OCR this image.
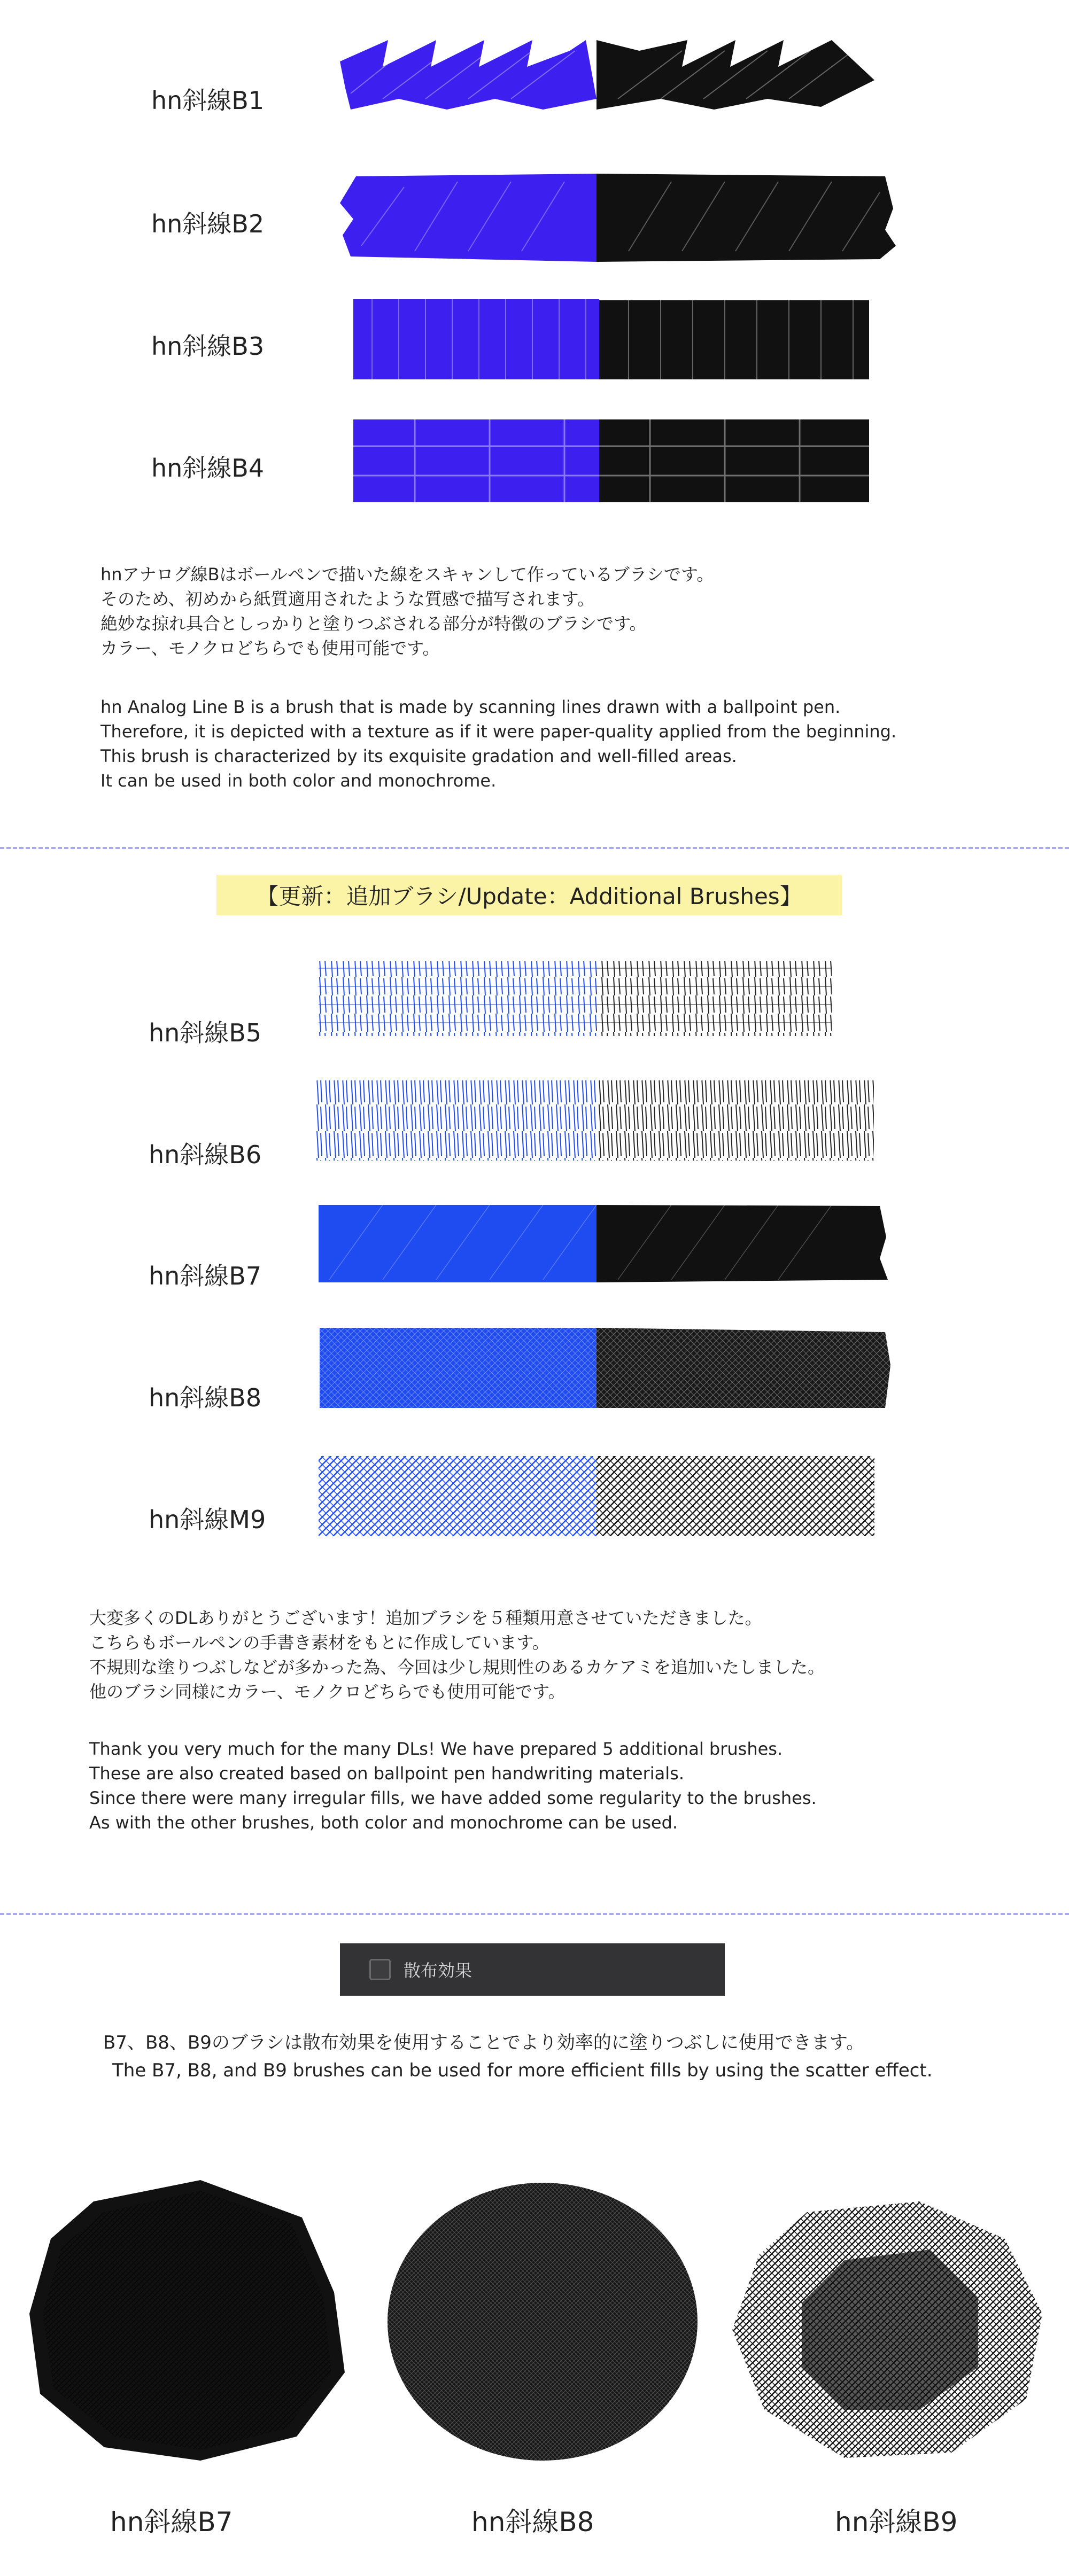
hn斜線B1
hn斜線B2
hn斜線B3
hn斜線B4
hnアナログ線Bはボールペンで描いた線をスキャンして作っているブラシです。
そのため、初めから紙質適用されたような質感で描写されます。
絶妙な掠れ具合としっかりと塗りつぶされる部分が特徴のブラシです。
カラー、モノクロどちらでも使用可能です。
hn Analog Line B is a brush that is made by scanning lines drawn with a ballpoint pen.
Therefore, it is depicted with a texture as if it were paper-quality applied from the beginning.
This brush is characterized by its exquisite gradation and well-filled areas.
It can be used in both color and monochrome.
【更新：追加ブラシ/Update：Additional Brushes】
hn斜線B5
hn斜線B6
hn斜線B7
hn斜線B8
hn斜線M9
大変多くのDLありがとうございます！追加ブラシを５種類用意させていただきました。
こちらもボールペンの手書き素材をもとに作成しています。
不規則な塗りつぶしなどが多かった為、今回は少し規則性のあるカケアミを追加いたしました。
他のブラシ同様にカラー、モノクロどちらでも使用可能です。
Thank you very much for the many DLs! We have prepared 5 additional brushes.
These are also created based on ballpoint pen handwriting materials.
Since there were many irregular fills, we have added some regularity to the brushes.
As with the other brushes, both color and monochrome can be used.
散布効果
B7、B8、B9のブラシは散布効果を使用することでより効率的に塗りつぶしに使用できます。
The B7, B8, and B9 brushes can be used for more efficient fills by using the scatter effect.
hn斜線B7	hn斜線B8	hn斜線B9
